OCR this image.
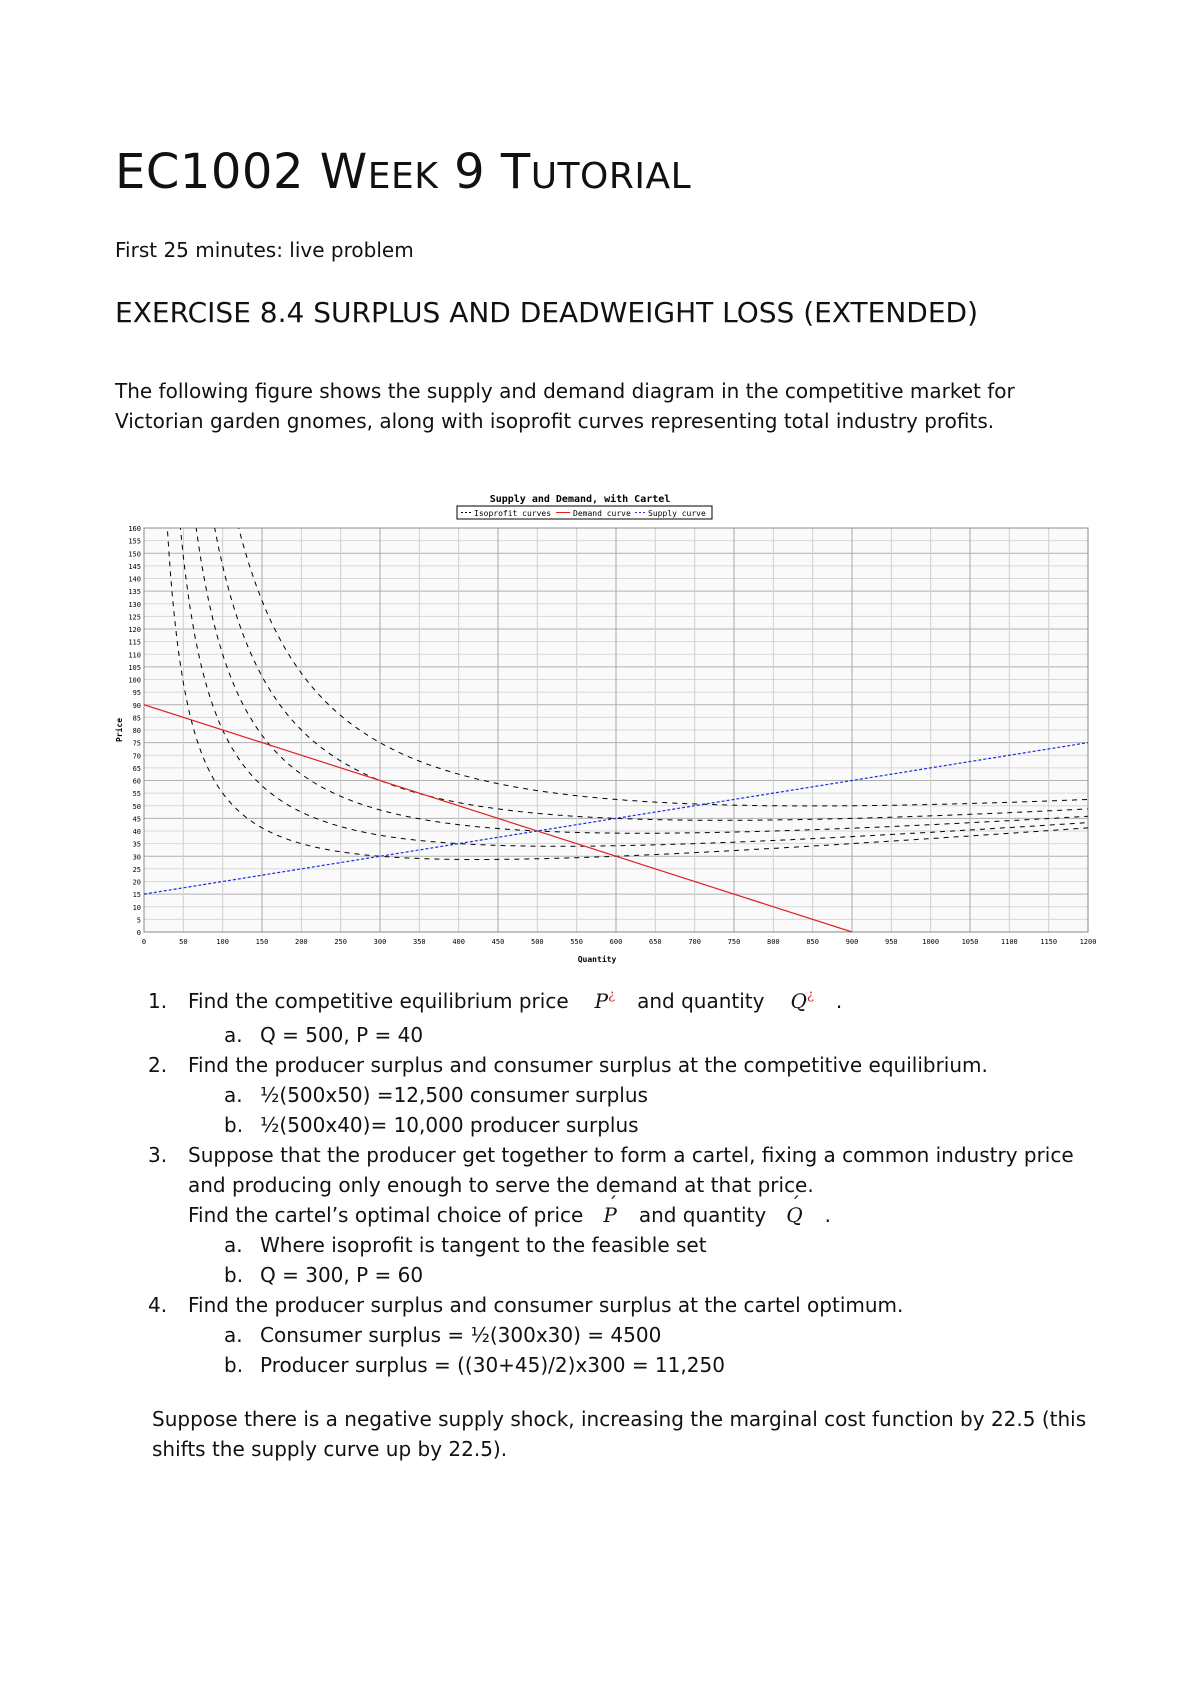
EC1002 WEEK 9 TUTORIAL
First 25 minutes: live problem
EXERCISE 8.4 SURPLUS AND DEADWEIGHT LOSS (EXTENDED)

The following figure shows the supply and demand diagram in the competitive market for Victorian garden gnomes, along with isoprofit curves representing total industry profits.

0
5
10
15
20
25
30
35
40
45
50
55
60
65
70
75
80
85
90
95
100
105
110
115
120
125
130
135
140
145
150
155
160
0	50	100	150	200	250	300	350	400	450	500	550	600	650	700	750	800	850	900	950	1000	1050	1100	1150	1200
Supply and Demand, with Cartel
Isoprofit curves	Demand curve Supply curve
Quantity
Price
1. Find the competitive equilibrium price P¿ and quantity Q¿ .
a. Q = 500, P = 40
2. Find the producer surplus and consumer surplus at the competitive equilibrium.
a. ½(500x50) =12,500 consumer surplus
b. ½(500x40)= 10,000 producer surplus
3. Suppose that the producer get together to form a cartel, fixing a common industry price and producing only enough to serve the demand at that price.
Find the cartel’s optimal choice of price ´ P and quantity ´ Q .
a. Where isoprofit is tangent to the feasible set
b. Q = 300, P = 60
4. Find the producer surplus and consumer surplus at the cartel optimum.
a. Consumer surplus = ½(300x30) = 4500
b. Producer surplus = ((30+45)/2)x300 = 11,250

Suppose there is a negative supply shock, increasing the marginal cost function by 22.5 (this shifts the supply curve up by 22.5).
